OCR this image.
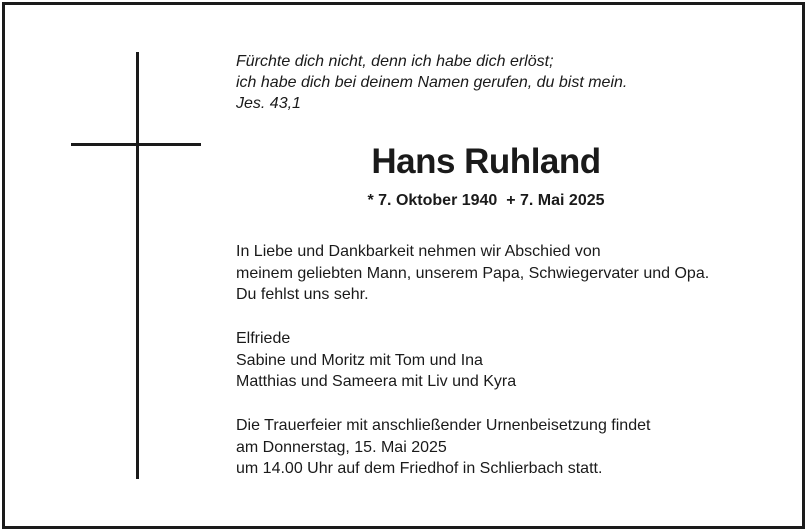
Fürchte dich nicht, denn ich habe dich erlöst;
ich habe dich bei deinem Namen gerufen, du bist mein.
Jes. 43,1
Hans Ruhland
* 7. Oktober 1940  + 7. Mai 2025
In Liebe und Dankbarkeit nehmen wir Abschied von
meinem geliebten Mann, unserem Papa, Schwiegervater und Opa.
Du fehlst uns sehr.
Elfriede
Sabine und Moritz mit Tom und Ina
Matthias und Sameera mit Liv und Kyra
Die Trauerfeier mit anschließender Urnenbeisetzung findet
am Donnerstag, 15. Mai 2025
um 14.00 Uhr auf dem Friedhof in Schlierbach statt.
